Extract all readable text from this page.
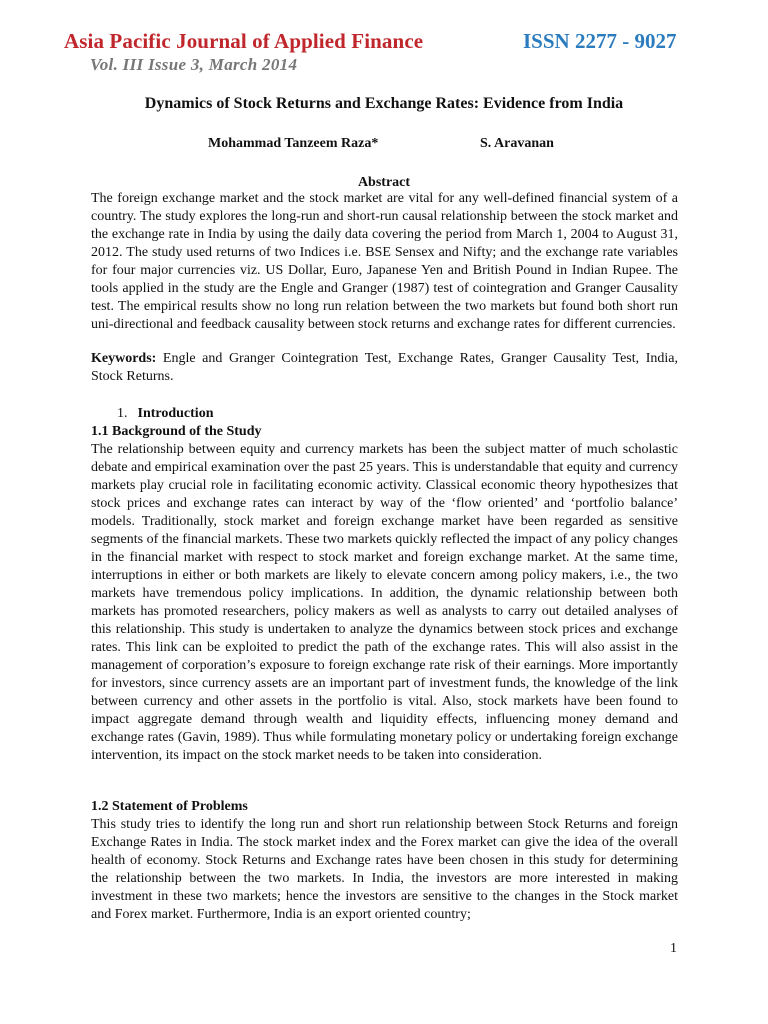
Asia Pacific Journal of Applied Finance	ISSN 2277 - 9027
Vol. III Issue 3, March 2014
Dynamics of Stock Returns and Exchange Rates: Evidence from India
Mohammad Tanzeem Raza*	S. Aravanan
Abstract

The foreign exchange market and the stock market are vital for any well-defined financial system of a country. The study explores the long-run and short-run causal relationship between the stock market and the exchange rate in India by using the daily data covering the period from March 1, 2004 to August 31, 2012. The study used returns of two Indices i.e. BSE Sensex and Nifty; and the exchange rate variables for four major currencies viz. US Dollar, Euro, Japanese Yen and British Pound in Indian Rupee. The tools applied in the study are the Engle and Granger (1987) test of cointegration and Granger Causality test. The empirical results show no long run relation between the two markets but found both short run uni-directional and feedback causality between stock returns and exchange rates for different currencies.

Keywords: Engle and Granger Cointegration Test, Exchange Rates, Granger Causality Test, India, Stock Returns.

1. Introduction
1.1 Background of the Study

The relationship between equity and currency markets has been the subject matter of much scholastic debate and empirical examination over the past 25 years. This is understandable that equity and currency markets play crucial role in facilitating economic activity. Classical economic theory hypothesizes that stock prices and exchange rates can interact by way of the ‘flow oriented’ and ‘portfolio balance’ models. Traditionally, stock market and foreign exchange market have been regarded as sensitive segments of the financial markets. These two markets quickly reflected the impact of any policy changes in the financial market with respect to stock market and foreign exchange market. At the same time, interruptions in either or both markets are likely to elevate concern among policy makers, i.e., the two markets have tremendous policy implications. In addition, the dynamic relationship between both markets has promoted researchers, policy makers as well as analysts to carry out detailed analyses of this relationship. This study is undertaken to analyze the dynamics between stock prices and exchange rates. This link can be exploited to predict the path of the exchange rates. This will also assist in the management of corporation’s exposure to foreign exchange rate risk of their earnings. More importantly for investors, since currency assets are an important part of investment funds, the knowledge of the link between currency and other assets in the portfolio is vital. Also, stock markets have been found to impact aggregate demand through wealth and liquidity effects, influencing money demand and exchange rates (Gavin, 1989). Thus while formulating monetary policy or undertaking foreign exchange intervention, its impact on the stock market needs to be taken into consideration.

1.2 Statement of Problems

This study tries to identify the long run and short run relationship between Stock Returns and foreign Exchange Rates in India. The stock market index and the Forex market can give the idea of the overall health of economy. Stock Returns and Exchange rates have been chosen in this study for determining the relationship between the two markets. In India, the investors are more interested in making investment in these two markets; hence the investors are sensitive to the changes in the Stock market and Forex market. Furthermore, India is an export oriented country;

1
